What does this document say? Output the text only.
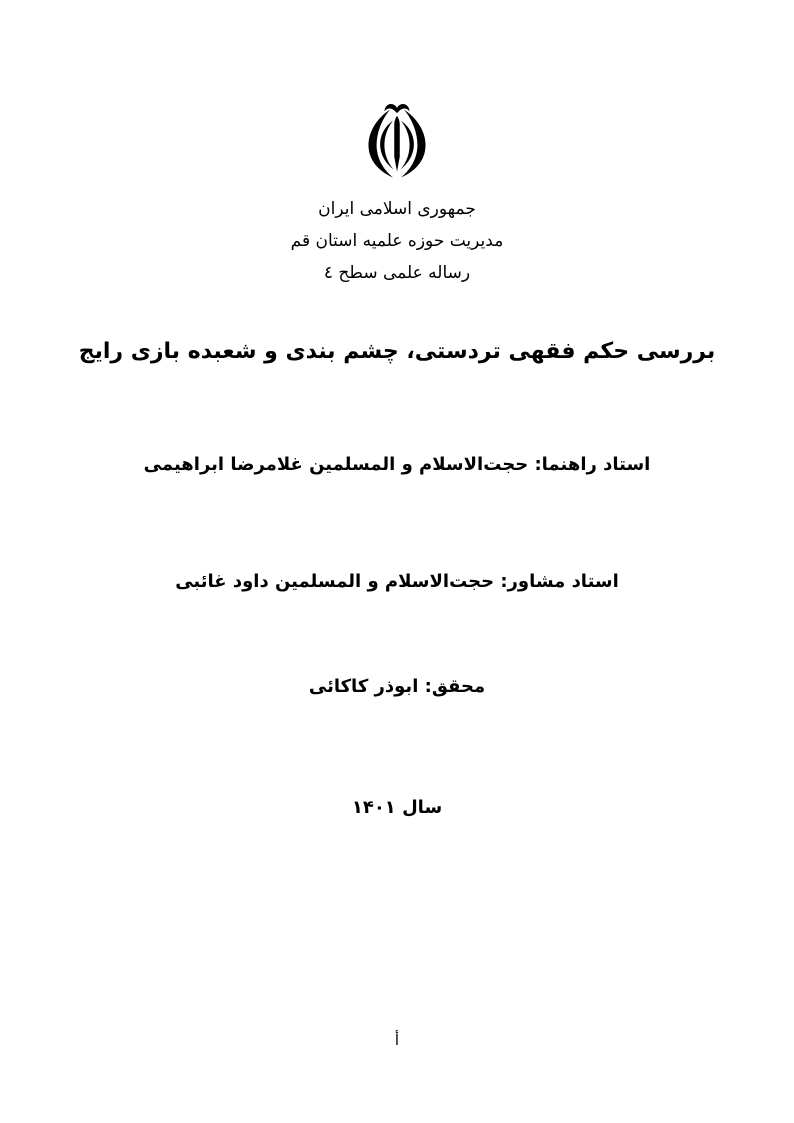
جمهوری اسلامی ایران
مدیریت حوزه علمیه استان قم
رساله علمی سطح ٤
بررسی حکم فقهی تردستی، چشم بندی و شعبده بازی رایج
استاد راهنما: حجت‌الاسلام و المسلمین غلامرضا ابراهیمی
استاد مشاور: حجت‌الاسلام و المسلمین داود غائبی
محقق: ابوذر کاکائی
سال ۱۴۰۱
أ
